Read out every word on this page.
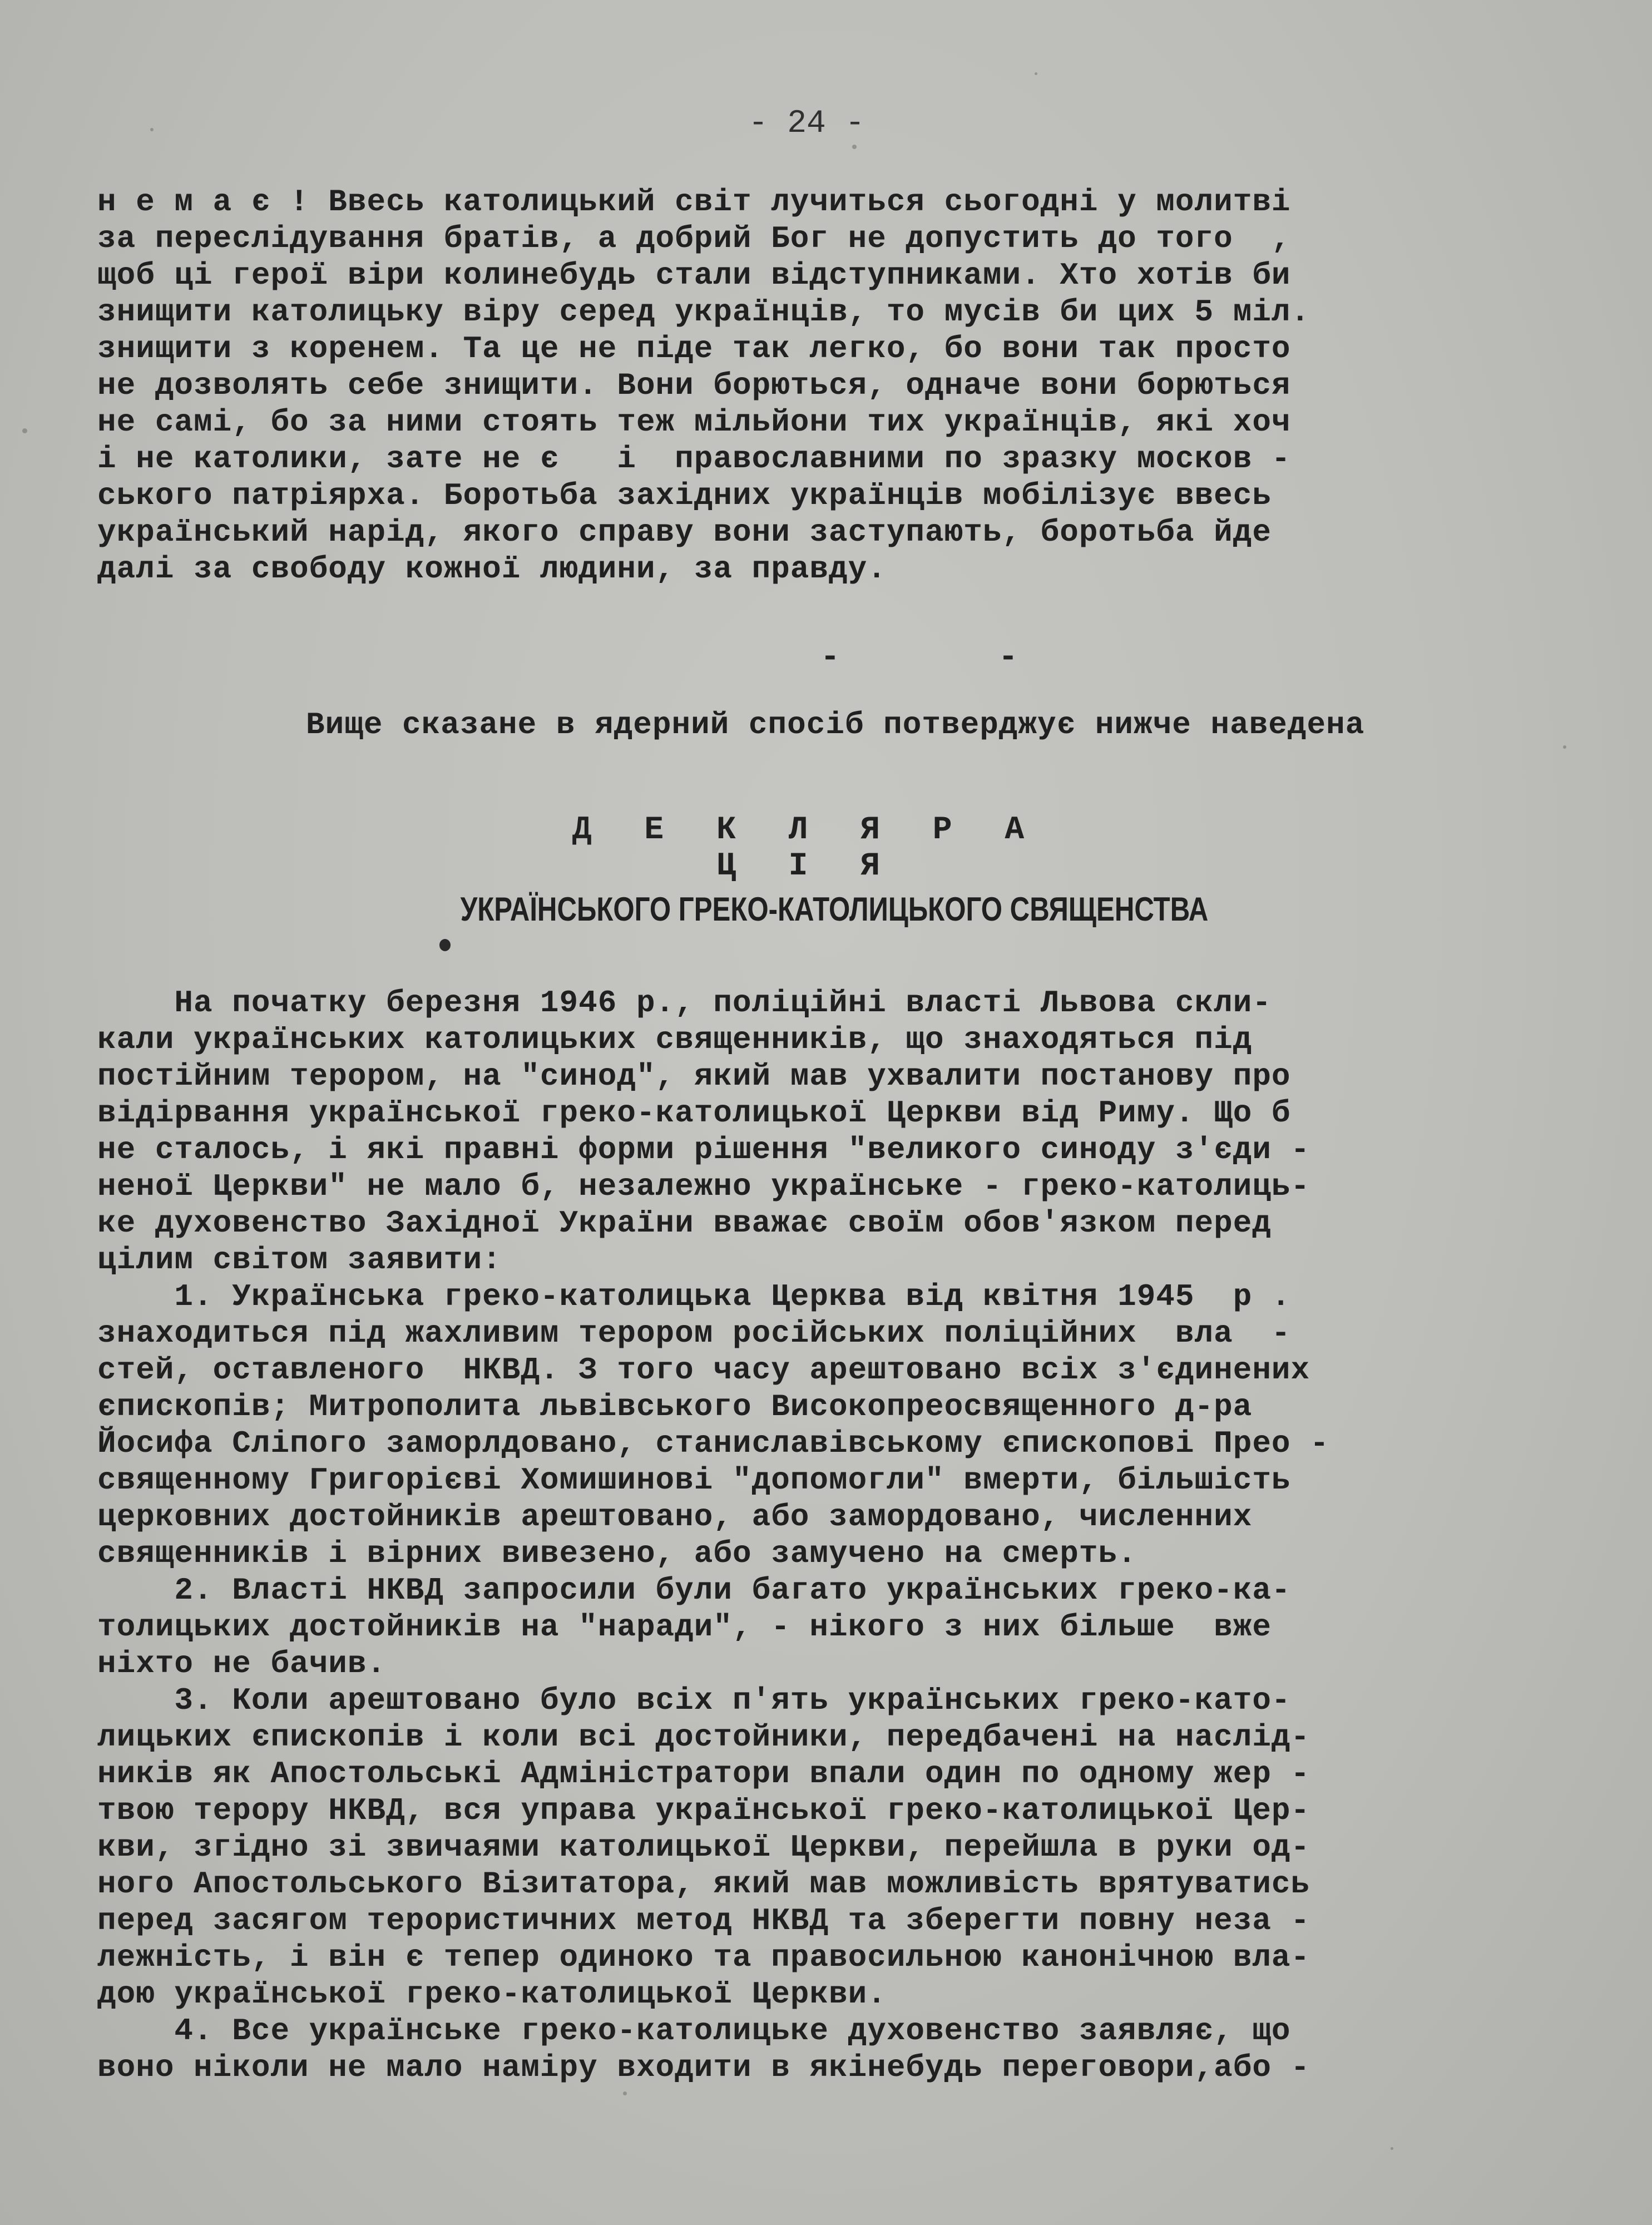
- 24 -
н е м а є ! Ввесь католицький світ лучиться сьогодні у молитві
за переслідування братів, а добрий Бог не допустить до того  ,
щоб ці герої віри колинебудь стали відступниками. Хто хотів би
знищити католицьку віру серед українців, то мусів би цих 5 міл.
знищити з коренем. Та це не піде так легко, бо вони так просто
не дозволять себе знищити. Вони борються, одначе вони борються
не самі, бо за ними стоять теж мільйони тих українців, які хоч
і не католики, зате не є   і  православними по зразку москов -
ського патріярха. Боротьба західних українців мобілізує ввесь
український нарід, якого справу вони заступають, боротьба йде
далі за свободу кожної людини, за правду.
-	-
Вище сказане в ядерний спосіб потверджує нижче наведена
Д Е К Л Я Р А Ц І Я
УКРАЇНСЬКОГО ГРЕКО-КАТОЛИЦЬКОГО СВЯЩЕНСТВА
На початку березня 1946 р., поліційні власті Львова скли-
кали українських католицьких священників, що знаходяться під
постійним терором, на "синод", який мав ухвалити постанову про
відірвання української греко-католицької Церкви від Риму. Що б
не сталось, і які правні форми рішення "великого синоду з'єди -
неної Церкви" не мало б, незалежно українське - греко-католиць-
ке духовенство Західної України вважає своїм обов'язком перед
цілим світом заявити:
1. Українська греко-католицька Церква від квітня 1945  р .
знаходиться під жахливим терором російських поліційних  вла  -
стей, оставленого  НКВД. З того часу арештовано всіх з'єдинених
єпископів; Митрополита львівського Високопреосвященного д-ра
Йосифа Сліпого заморлдовано, станиславівському єпископові Прео -
священному Григорієві Хомишинові "допомогли" вмерти, більшість
церковних достойників арештовано, або замордовано, численних
священників і вірних вивезено, або замучено на смерть.
2. Власті НКВД запросили були багато українських греко-ка-
толицьких достойників на "наради", - нікого з них більше  вже
ніхто не бачив.
3. Коли арештовано було всіх п'ять українських греко-като-
лицьких єпископів і коли всі достойники, передбачені на наслід-
ників як Апостольські Адміністратори впали один по одному жер -
твою терору НКВД, вся управа української греко-католицької Цер-
кви, згідно зі звичаями католицької Церкви, перейшла в руки од-
ного Апостольського Візитатора, який мав можливість врятуватись
перед засягом терористичних метод НКВД та зберегти повну неза -
лежність, і він є тепер одиноко та правосильною канонічною вла-
дою української греко-католицької Церкви.
4. Все українське греко-католицьке духовенство заявляє, що
воно ніколи не мало наміру входити в якінебудь переговори,або -
